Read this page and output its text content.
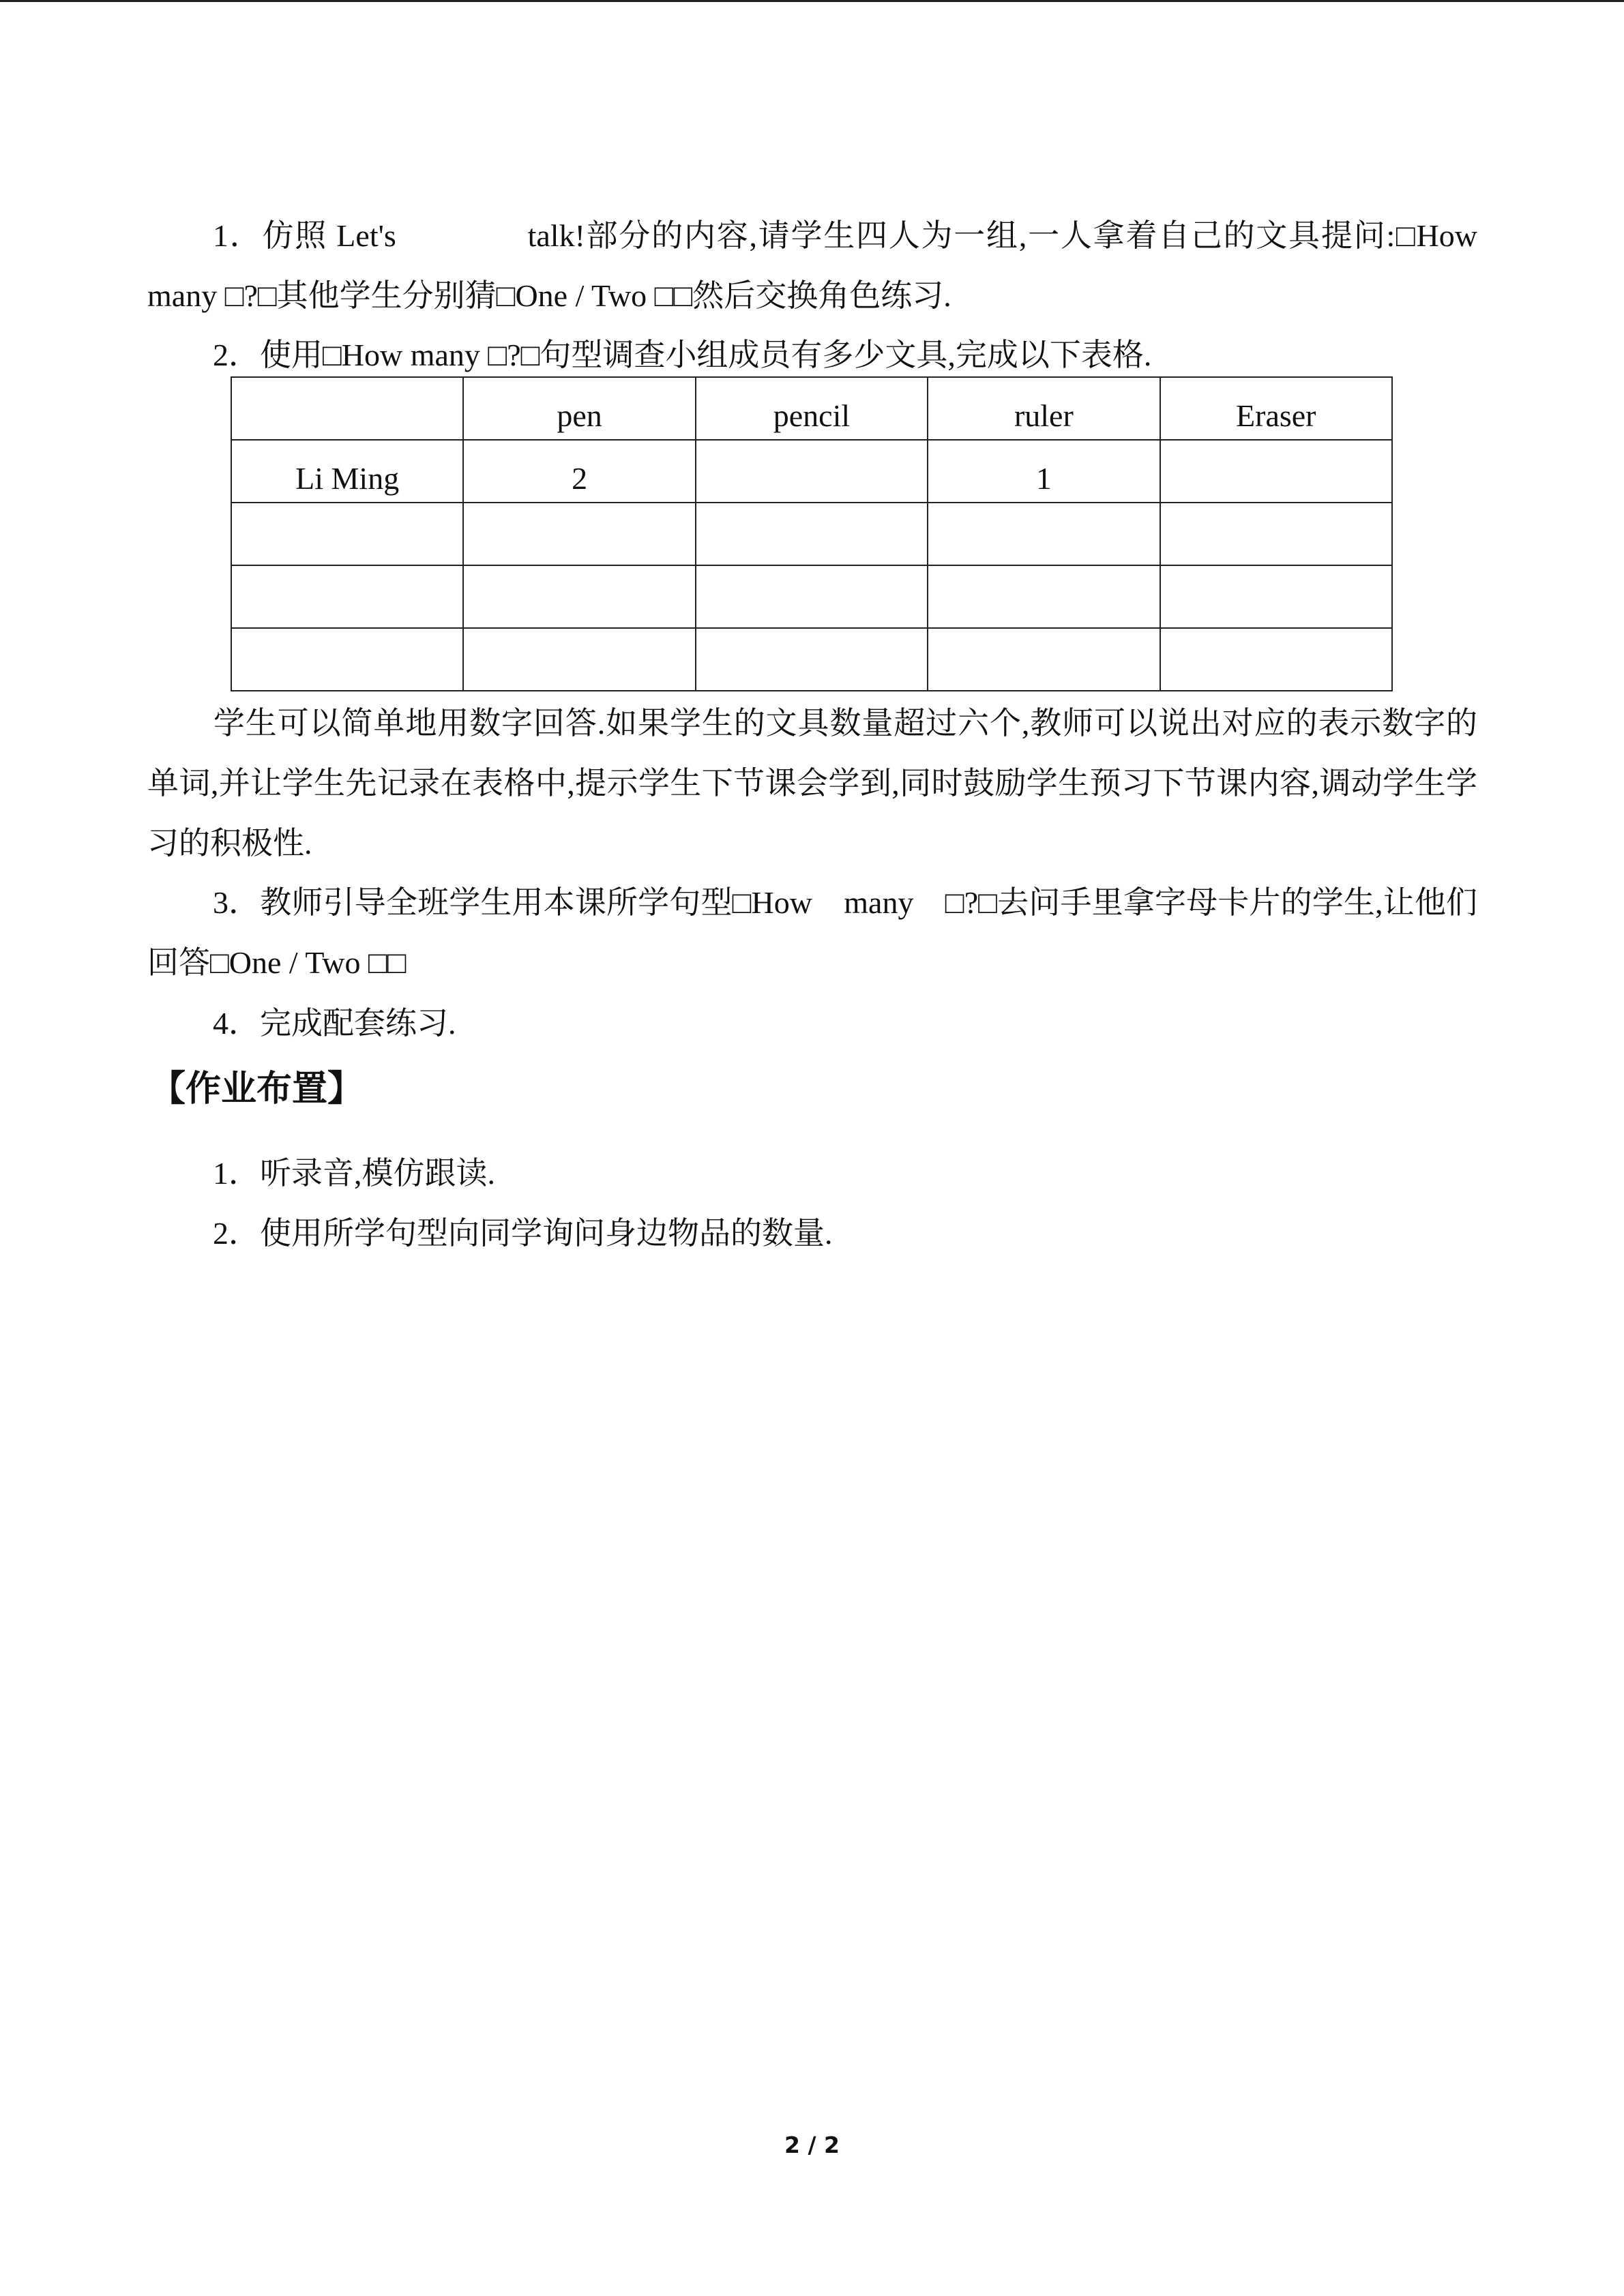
1．仿照 Let's　　　　talk!部分的内容,请学生四人为一组,一人拿着自己的文具提问:□How many □?□其他学生分别猜□One / Two □□然后交换角色练习.

2．使用□How many □?□句型调查小组成员有多少文具,完成以下表格.

	pen	pencil	ruler	Eraser
Li Ming	2		1	

学生可以简单地用数字回答.如果学生的文具数量超过六个,教师可以说出对应的表示数字的单词,并让学生先记录在表格中,提示学生下节课会学到,同时鼓励学生预习下节课内容,调动学生学习的积极性.

3．教师引导全班学生用本课所学句型□How　many　□?□去问手里拿字母卡片的学生,让他们回答□One / Two □□

4．完成配套练习.

【作业布置】

1．听录音,模仿跟读.

2．使用所学句型向同学询问身边物品的数量.

2 / 2
